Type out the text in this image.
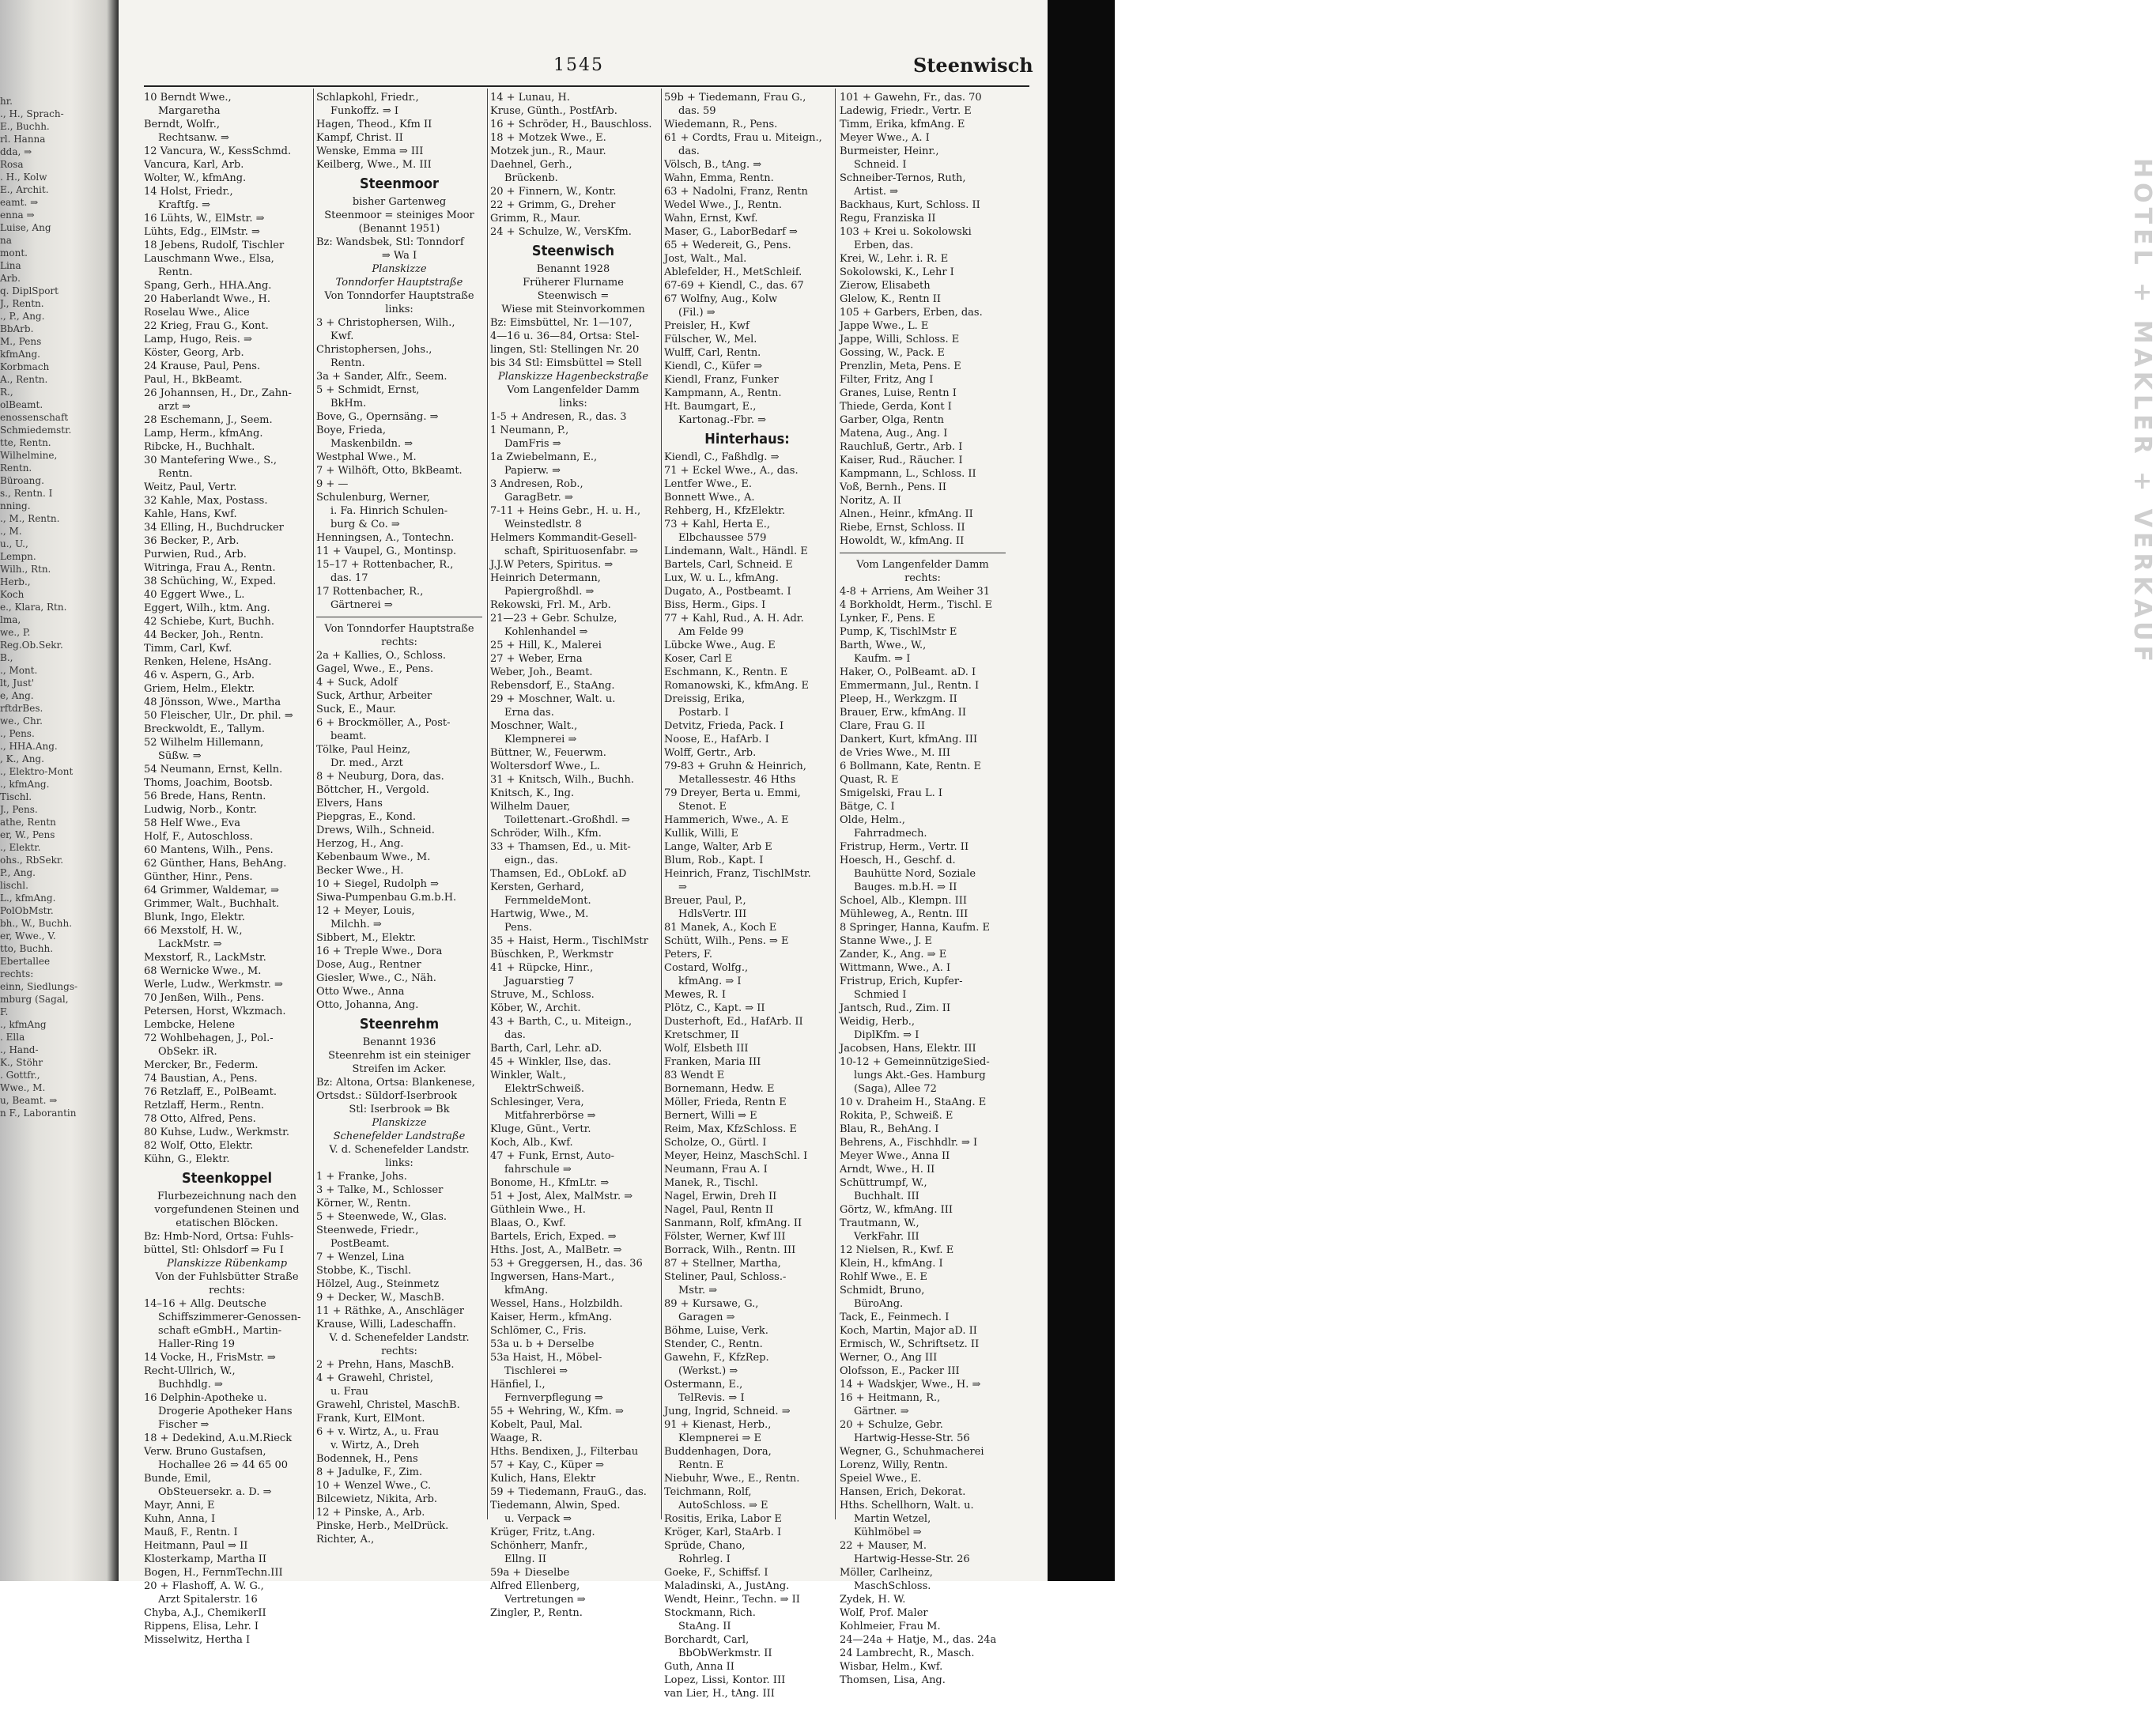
hr.
., H., Sprach-
E., Buchh.
rl. Hanna
dda, ⇒
Rosa
. H., Kolw
E., Archit.
eamt. ⇒
enna ⇒
Luise, Ang
na
mont.
Lina
Arb.
q. DiplSport
J., Rentn.
., P., Ang.
BbArb.
M., Pens
kfmAng.
Korbmach
A., Rentn.
R.,
olBeamt.
enossenschaft
Schmiedemstr.
tte, Rentn.
Wilhelmine,
Rentn.
Büroang.
s., Rentn. I
nning.
., M., Rentn.
., M.
u., U.,
Lempn.
Wilh., Rtn.
Herb.,
Koch
e., Klara, Rtn.
lma,
we., P.
Reg.Ob.Sekr.
B.,
., Mont.
lt, Just'
e, Ang.
rftdrBes.
we., Chr.
., Pens.
., HHA.Ang.
, K., Ang.
., Elektro-Mont
., kfmAng.
Tischl.
J., Pens.
athe, Rentn
er, W., Pens
., Elektr.
ohs., RbSekr.
P., Ang.
lischl.
L., kfmAng.
PolObMstr.
bh., W., Buchh.
er, Wwe., V.
tto, Buchh.
Ebertallee
rechts:
einn, Siedlungs-
mburg (Sagal,
F.
., kfmAng
. Ella
., Hand-
K., Stöhr
. Gottfr.,
Wwe., M.
u, Beamt. ⇒
n F., Laborantin
1545	Steenwisch
10 Berndt Wwe.,
Margaretha
Berndt, Wolfr.,
Rechtsanw. ⇒
12 Vancura, W., KessSchmd.
Vancura, Karl, Arb.
Wolter, W., kfmAng.
14 Holst, Friedr.,
Kraftfg. ⇒
16 Lühts, W., ElMstr. ⇒
Lühts, Edg., ElMstr. ⇒
18 Jebens, Rudolf, Tischler
Lauschmann Wwe., Elsa,
Rentn.
Spang, Gerh., HHA.Ang.
20 Haberlandt Wwe., H.
Roselau Wwe., Alice
22 Krieg, Frau G., Kont.
Lamp, Hugo, Reis. ⇒
Köster, Georg, Arb.
24 Krause, Paul, Pens.
Paul, H., BkBeamt.
26 Johannsen, H., Dr., Zahn-
arzt ⇒
28 Eschemann, J., Seem.
Lamp, Herm., kfmAng.
Ribcke, H., Buchhalt.
30 Mantefering Wwe., S.,
Rentn.
Weitz, Paul, Vertr.
32 Kahle, Max, Postass.
Kahle, Hans, Kwf.
34 Elling, H., Buchdrucker
36 Becker, P., Arb.
Purwien, Rud., Arb.
Witringa, Frau A., Rentn.
38 Schüching, W., Exped.
40 Eggert Wwe., L.
Eggert, Wilh., ktm. Ang.
42 Schiebe, Kurt, Buchh.
44 Becker, Joh., Rentn.
Timm, Carl, Kwf.
Renken, Helene, HsAng.
46 v. Aspern, G., Arb.
Griem, Helm., Elektr.
48 Jönsson, Wwe., Martha
50 Fleischer, Ulr., Dr. phil. ⇒
Breckwoldt, E., Tallym.
52 Wilhelm Hillemann,
Süßw. ⇒
54 Neumann, Ernst, Kelln.
Thoms, Joachim, Bootsb.
56 Brede, Hans, Rentn.
Ludwig, Norb., Kontr.
58 Helf Wwe., Eva
Holf, F., Autoschloss.
60 Mantens, Wilh., Pens.
62 Günther, Hans, BehAng.
Günther, Hinr., Pens.
64 Grimmer, Waldemar, ⇒
Grimmer, Walt., Buchhalt.
Blunk, Ingo, Elektr.
66 Mexstolf, H. W.,
LackMstr. ⇒
Mexstorf, R., LackMstr.
68 Wernicke Wwe., M.
Werle, Ludw., Werkmstr. ⇒
70 Jenßen, Wilh., Pens.
Petersen, Horst, Wkzmach.
Lembcke, Helene
72 Wohlbehagen, J., Pol.-
ObSekr. iR.
Mercker, Br., Federm.
74 Baustian, A., Pens.
76 Retzlaff, E., PolBeamt.
Retzlaff, Herm., Rentn.
78 Otto, Alfred, Pens.
80 Kuhse, Ludw., Werkmstr.
82 Wolf, Otto, Elektr.
Kühn, G., Elektr.
Steenkoppel
Flurbezeichnung nach den
vorgefundenen Steinen und
etatischen Blöcken.
Bz: Hmb-Nord, Ortsa: Fuhls-
büttel, Stl: Ohlsdorf ⇒ Fu I
Planskizze Rübenkamp
Von der Fuhlsbütter Straße
rechts:
14–16 + Allg. Deutsche
Schiffszimmerer-Genossen-
schaft eGmbH., Martin-
Haller-Ring 19
14 Vocke, H., FrisMstr. ⇒
Recht-Ullrich, W.,
Buchhdlg. ⇒
16 Delphin-Apotheke u.
Drogerie Apotheker Hans
Fischer ⇒
18 + Dedekind, A.u.M.Rieck
Verw. Bruno Gustafsen,
Hochallee 26 ⇒ 44 65 00
Bunde, Emil,
ObSteuersekr. a. D. ⇒
Mayr, Anni, E
Kuhn, Anna, I
Mauß, F., Rentn. I
Heitmann, Paul ⇒ II
Klosterkamp, Martha II
Bogen, H., FernmTechn.III
20 + Flashoff, A. W. G.,
Arzt Spitalerstr. 16
Chyba, A.J., ChemikerII
Rippens, Elisa, Lehr. I
Misselwitz, Hertha I
Schlapkohl, Friedr.,
Funkoffz. ⇒ I
Hagen, Theod., Kfm II
Kampf, Christ. II
Wenske, Emma ⇒ III
Keilberg, Wwe., M. III
Steenmoor
bisher Gartenweg
Steenmoor = steiniges Moor
(Benannt 1951)
Bz: Wandsbek, Stl: Tonndorf
⇒ Wa I
Planskizze
Tonndorfer Hauptstraße
Von Tonndorfer Hauptstraße
links:
3 + Christophersen, Wilh.,
Kwf.
Christophersen, Johs.,
Rentn.
3a + Sander, Alfr., Seem.
5 + Schmidt, Ernst,
BkHm.
Bove, G., Opernsäng. ⇒
Boye, Frieda,
Maskenbildn. ⇒
Westphal Wwe., M.
7 + Wilhöft, Otto, BkBeamt.
9 + —
Schulenburg, Werner,
i. Fa. Hinrich Schulen-
burg & Co. ⇒
Henningsen, A., Tontechn.
11 + Vaupel, G., Montinsp.
15–17 + Rottenbacher, R.,
das. 17
17 Rottenbacher, R.,
Gärtnerei ⇒
Von Tonndorfer Hauptstraße
rechts:
2a + Kallies, O., Schloss.
Gagel, Wwe., E., Pens.
4 + Suck, Adolf
Suck, Arthur, Arbeiter
Suck, E., Maur.
6 + Brockmöller, A., Post-
beamt.
Tölke, Paul Heinz,
Dr. med., Arzt
8 + Neuburg, Dora, das.
Böttcher, H., Vergold.
Elvers, Hans
Piepgras, E., Kond.
Drews, Wilh., Schneid.
Herzog, H., Ang.
Kebenbaum Wwe., M.
Becker Wwe., H.
10 + Siegel, Rudolph ⇒
Siwa-Pumpenbau G.m.b.H.
12 + Meyer, Louis,
Milchh. ⇒
Sibbert, M., Elektr.
16 + Treple Wwe., Dora
Dose, Aug., Rentner
Giesler, Wwe., C., Näh.
Otto Wwe., Anna
Otto, Johanna, Ang.
Steenrehm
Benannt 1936
Steenrehm ist ein steiniger
Streifen im Acker.
Bz: Altona, Ortsa: Blankenese,
Ortsdst.: Süldorf-Iserbrook
Stl: Iserbrook ⇒ Bk
Planskizze
Schenefelder Landstraße
V. d. Schenefelder Landstr.
links:
1 + Franke, Johs.
3 + Talke, M., Schlosser
Körner, W., Rentn.
5 + Steenwede, W., Glas.
Steenwede, Friedr.,
PostBeamt.
7 + Wenzel, Lina
Stobbe, K., Tischl.
Hölzel, Aug., Steinmetz
9 + Decker, W., MaschB.
11 + Räthke, A., Anschläger
Krause, Willi, Ladeschaffn.
V. d. Schenefelder Landstr.
rechts:
2 + Prehn, Hans, MaschB.
4 + Grawehl, Christel,
u. Frau
Grawehl, Christel, MaschB.
Frank, Kurt, ElMont.
6 + v. Wirtz, A., u. Frau
v. Wirtz, A., Dreh
Bodennek, H., Pens
8 + Jadulke, F., Zim.
10 + Wenzel Wwe., C.
Bilcewietz, Nikita, Arb.
12 + Pinske, A., Arb.
Pinske, Herb., MelDrück.
Richter, A.,
14 + Lunau, H.
Kruse, Günth., PostfArb.
16 + Schröder, H., Bauschloss.
18 + Motzek Wwe., E.
Motzek jun., R., Maur.
Daehnel, Gerh.,
Brückenb.
20 + Finnern, W., Kontr.
22 + Grimm, G., Dreher
Grimm, R., Maur.
24 + Schulze, W., VersKfm.
Steenwisch
Benannt 1928
Früherer Flurname
Steenwisch =
Wiese mit Steinvorkommen
Bz: Eimsbüttel, Nr. 1—107,
4—16 u. 36—84, Ortsa: Stel-
lingen, Stl: Stellingen Nr. 20
bis 34 Stl: Eimsbüttel ⇒ Stell
Planskizze Hagenbeckstraße
Vom Langenfelder Damm
links:
1-5 + Andresen, R., das. 3
1 Neumann, P.,
DamFris ⇒
1a Zwiebelmann, E.,
Papierw. ⇒
3 Andresen, Rob.,
GaragBetr. ⇒
7-11 + Heins Gebr., H. u. H.,
Weinstedlstr. 8
Helmers Kommandit-Gesell-
schaft, Spirituosenfabr. ⇒
J.J.W Peters, Spiritus. ⇒
Heinrich Determann,
Papiergroßhdl. ⇒
Rekowski, Frl. M., Arb.
21—23 + Gebr. Schulze,
Kohlenhandel ⇒
25 + Hill, K., Malerei
27 + Weber, Erna
Weber, Joh., Beamt.
Rebensdorf, E., StaAng.
29 + Moschner, Walt. u.
Erna das.
Moschner, Walt.,
Klempnerei ⇒
Büttner, W., Feuerwm.
Woltersdorf Wwe., L.
31 + Knitsch, Wilh., Buchh.
Knitsch, K., Ing.
Wilhelm Dauer,
Toilettenart.-Großhdl. ⇒
Schröder, Wilh., Kfm.
33 + Thamsen, Ed., u. Mit-
eign., das.
Thamsen, Ed., ObLokf. aD
Kersten, Gerhard,
FernmeldeMont.
Hartwig, Wwe., M.
Pens.
35 + Haist, Herm., TischlMstr
Büschken, P., Werkmstr
41 + Rüpcke, Hinr.,
Jaguarstieg 7
Struve, M., Schloss.
Köber, W., Archit.
43 + Barth, C., u. Miteign.,
das.
Barth, Carl, Lehr. aD.
45 + Winkler, Ilse, das.
Winkler, Walt.,
ElektrSchweiß.
Schlesinger, Vera,
Mitfahrerbörse ⇒
Kluge, Günt., Vertr.
Koch, Alb., Kwf.
47 + Funk, Ernst, Auto-
fahrschule ⇒
Bonome, H., KfmLtr. ⇒
51 + Jost, Alex, MalMstr. ⇒
Güthlein Wwe., H.
Blaas, O., Kwf.
Bartels, Erich, Exped. ⇒
Hths. Jost, A., MalBetr. ⇒
53 + Greggersen, H., das. 36
Ingwersen, Hans-Mart.,
kfmAng.
Wessel, Hans., Holzbildh.
Kaiser, Herm., kfmAng.
Schlömer, C., Fris.
53a u. b + Derselbe
53a Haist, H., Möbel-
Tischlerei ⇒
Hänfiel, I.,
Fernverpflegung ⇒
55 + Wehring, W., Kfm. ⇒
Kobelt, Paul, Mal.
Waage, R.
Hths. Bendixen, J., Filterbau
57 + Kay, C., Küper ⇒
Kulich, Hans, Elektr
59 + Tiedemann, FrauG., das.
Tiedemann, Alwin, Sped.
u. Verpack ⇒
Krüger, Fritz, t.Ang.
Schönherr, Manfr.,
Ellng. II
59a + Dieselbe
Alfred Ellenberg,
Vertretungen ⇒
Zingler, P., Rentn.
59b + Tiedemann, Frau G.,
das. 59
Wiedemann, R., Pens.
61 + Cordts, Frau u. Miteign.,
das.
Völsch, B., tAng. ⇒
Wahn, Emma, Rentn.
63 + Nadolni, Franz, Rentn
Wedel Wwe., J., Rentn.
Wahn, Ernst, Kwf.
Maser, G., LaborBedarf ⇒
65 + Wedereit, G., Pens.
Jost, Walt., Mal.
Ablefelder, H., MetSchleif.
67-69 + Kiendl, C., das. 67
67 Wolfny, Aug., Kolw
(Fil.) ⇒
Preisler, H., Kwf
Fülscher, W., Mel.
Wulff, Carl, Rentn.
Kiendl, C., Küfer ⇒
Kiendl, Franz, Funker
Kampmann, A., Rentn.
Ht. Baumgart, E.,
Kartonag.-Fbr. ⇒
Hinterhaus:
Kiendl, C., Faßhdlg. ⇒
71 + Eckel Wwe., A., das.
Lentfer Wwe., E.
Bonnett Wwe., A.
Rehberg, H., KfzElektr.
73 + Kahl, Herta E.,
Elbchaussee 579
Lindemann, Walt., Händl. E
Bartels, Carl, Schneid. E
Lux, W. u. L., kfmAng.
Dugato, A., Postbeamt. I
Biss, Herm., Gips. I
77 + Kahl, Rud., A. H. Adr.
Am Felde 99
Lübcke Wwe., Aug. E
Koser, Carl E
Eschmann, K., Rentn. E
Romanowski, K., kfmAng. E
Dreissig, Erika,
Postarb. I
Detvitz, Frieda, Pack. I
Noose, E., HafArb. I
Wolff, Gertr., Arb.
79-83 + Gruhn & Heinrich,
Metallessestr. 46 Hths
79 Dreyer, Berta u. Emmi,
Stenot. E
Hammerich, Wwe., A. E
Kullik, Willi, E
Lange, Walter, Arb E
Blum, Rob., Kapt. I
Heinrich, Franz, TischlMstr.
⇒
Breuer, Paul, P.,
HdlsVertr. III
81 Manek, A., Koch E
Schütt, Wilh., Pens. ⇒ E
Peters, F.
Costard, Wolfg.,
kfmAng. ⇒ I
Mewes, R. I
Plötz, C., Kapt. ⇒ II
Dusterhoft, Ed., HafArb. II
Kretschmer, II
Wolf, Elsbeth III
Franken, Maria III
83 Wendt E
Bornemann, Hedw. E
Möller, Frieda, Rentn E
Bernert, Willi ⇒ E
Reim, Max, KfzSchloss. E
Scholze, O., Gürtl. I
Meyer, Heinz, MaschSchl. I
Neumann, Frau A. I
Manek, R., Tischl.
Nagel, Erwin, Dreh II
Nagel, Paul, Rentn II
Sanmann, Rolf, kfmAng. II
Fölster, Werner, Kwf III
Borrack, Wilh., Rentn. III
87 + Stellner, Martha,
Steliner, Paul, Schloss.-
Mstr. ⇒
89 + Kursawe, G.,
Garagen ⇒
Böhme, Luise, Verk.
Stender, C., Rentn.
Gawehn, F., KfzRep.
(Werkst.) ⇒
Ostermann, E.,
TelRevis. ⇒ I
Jung, Ingrid, Schneid. ⇒
91 + Kienast, Herb.,
Klempnerei ⇒ E
Buddenhagen, Dora,
Rentn. E
Niebuhr, Wwe., E., Rentn.
Teichmann, Rolf,
AutoSchloss. ⇒ E
Rositis, Erika, Labor E
Kröger, Karl, StaArb. I
Sprüde, Chano,
Rohrleg. I
Goeke, F., Schiffsf. I
Maladinski, A., JustAng.
Wendt, Heinr., Techn. ⇒ II
Stockmann, Rich.
StaAng. II
Borchardt, Carl,
BbObWerkmstr. II
Guth, Anna II
Lopez, Lissi, Kontor. III
van Lier, H., tAng. III
101 + Gawehn, Fr., das. 70
Ladewig, Friedr., Vertr. E
Timm, Erika, kfmAng. E
Meyer Wwe., A. I
Burmeister, Heinr.,
Schneid. I
Schneiber-Ternos, Ruth,
Artist. ⇒
Backhaus, Kurt, Schloss. II
Regu, Franziska II
103 + Krei u. Sokolowski
Erben, das.
Krei, W., Lehr. i. R. E
Sokolowski, K., Lehr I
Zierow, Elisabeth
Glelow, K., Rentn II
105 + Garbers, Erben, das.
Jappe Wwe., L. E
Jappe, Willi, Schloss. E
Gossing, W., Pack. E
Prenzlin, Meta, Pens. E
Filter, Fritz, Ang I
Granes, Luise, Rentn I
Thiede, Gerda, Kont I
Garber, Olga, Rentn
Matena, Aug., Ang. I
Rauchluß, Gertr., Arb. I
Kaiser, Rud., Räucher. I
Kampmann, L., Schloss. II
Voß, Bernh., Pens. II
Noritz, A. II
Alnen., Heinr., kfmAng. II
Riebe, Ernst, Schloss. II
Howoldt, W., kfmAng. II
Vom Langenfelder Damm
rechts:
4-8 + Arriens, Am Weiher 31
4 Borkholdt, Herm., Tischl. E
Lynker, F., Pens. E
Pump, K, TischlMstr E
Barth, Wwe., W.,
Kaufm. ⇒ I
Haker, O., PolBeamt. aD. I
Emmermann, Jul., Rentn. I
Pleep, H., Werkzgm. II
Brauer, Erw., kfmAng. II
Clare, Frau G. II
Dankert, Kurt, kfmAng. III
de Vries Wwe., M. III
6 Bollmann, Kate, Rentn. E
Quast, R. E
Smigelski, Frau L. I
Bätge, C. I
Olde, Helm.,
Fahrradmech.
Fristrup, Herm., Vertr. II
Hoesch, H., Geschf. d.
Bauhütte Nord, Soziale
Bauges. m.b.H. ⇒ II
Schoel, Alb., Klempn. III
Mühleweg, A., Rentn. III
8 Springer, Hanna, Kaufm. E
Stanne Wwe., J. E
Zander, K., Ang. ⇒ E
Wittmann, Wwe., A. I
Fristrup, Erich, Kupfer-
Schmied I
Jantsch, Rud., Zim. II
Weidig, Herb.,
DiplKfm. ⇒ I
Jacobsen, Hans, Elektr. III
10-12 + GemeinnützigeSied-
lungs Akt.-Ges. Hamburg
(Saga), Allee 72
10 v. Draheim H., StaAng. E
Rokita, P., Schweiß. E
Blau, R., BehAng. I
Behrens, A., Fischhdlr. ⇒ I
Meyer Wwe., Anna II
Arndt, Wwe., H. II
Schüttrumpf, W.,
Buchhalt. III
Görtz, W., kfmAng. III
Trautmann, W.,
VerkFahr. III
12 Nielsen, R., Kwf. E
Klein, H., kfmAng. I
Rohlf Wwe., E. E
Schmidt, Bruno,
BüroAng.
Tack, E., Feinmech. I
Koch, Martin, Major aD. II
Ermisch, W., Schriftsetz. II
Werner, O., Ang III
Olofsson, E., Packer III
14 + Wadskjer, Wwe., H. ⇒
16 + Heitmann, R.,
Gärtner. ⇒
20 + Schulze, Gebr.
Hartwig-Hesse-Str. 56
Wegner, G., Schuhmacherei
Lorenz, Willy, Rentn.
Speiel Wwe., E.
Hansen, Erich, Dekorat.
Hths. Schellhorn, Walt. u.
Martin Wetzel,
Kühlmöbel ⇒
22 + Mauser, M.
Hartwig-Hesse-Str. 26
Möller, Carlheinz,
MaschSchloss.
Zydek, H. W.
Wolf, Prof. Maler
Kohlmeier, Frau M.
24—24a + Hatje, M., das. 24a
24 Lambrecht, R., Masch.
Wisbar, Helm., Kwf.
Thomsen, Lisa, Ang.
HOTEL + MAKLER + VERKAUF
